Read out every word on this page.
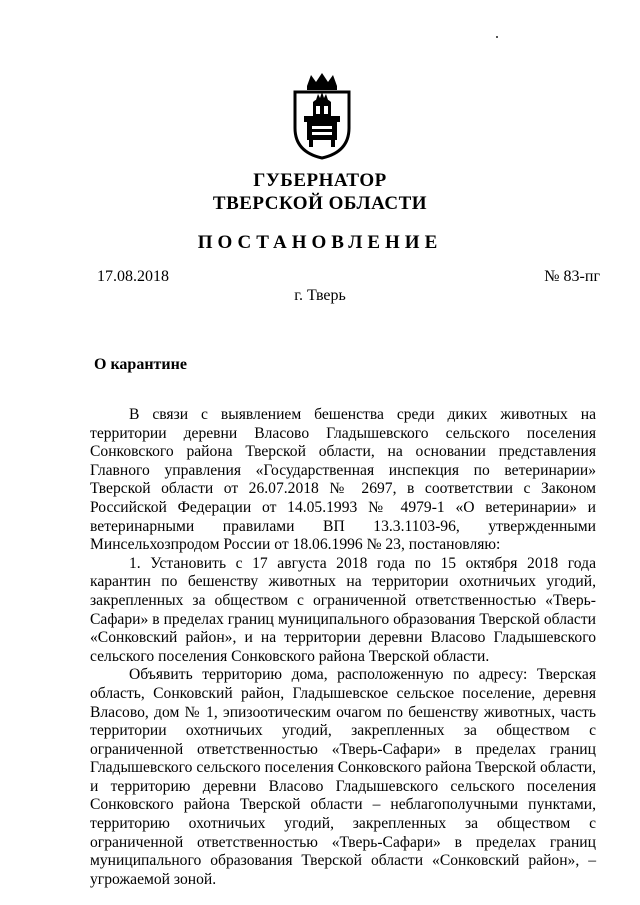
ГУБЕРНАТОР
ТВЕРСКОЙ ОБЛАСТИ
ПОСТАНОВЛЕНИЕ
17.08.2018	№ 83-пг
г. Тверь
О карантине

В связи с выявлением бешенства среди диких животных на территории деревни Власово Гладышевского сельского поселения Сонковского района Тверской области, на основании представления Главного управления «Государственная инспекция по ветеринарии» Тверской области от 26.07.2018 № 2697, в соответствии с Законом Российской Федерации от 14.05.1993 № 4979-1 «О ветеринарии» и ветеринарными правилами ВП 13.3.1103-96, утвержденными Минсельхозпродом России от 18.06.1996 № 23, постановляю:

1. Установить с 17 августа 2018 года по 15 октября 2018 года карантин по бешенству животных на территории охотничьих угодий, закрепленных за обществом с ограниченной ответственностью «Тверь-Сафари» в пределах границ муниципального образования Тверской области «Сонковский район», и на территории деревни Власово Гладышевского сельского поселения Сонковского района Тверской области.

Объявить территорию дома, расположенную по адресу: Тверская область, Сонковский район, Гладышевское сельское поселение, деревня Власово, дом № 1, эпизоотическим очагом по бешенству животных, часть территории охотничьих угодий, закрепленных за обществом с ограниченной ответственностью «Тверь-Сафари» в пределах границ Гладышевского сельского поселения Сонковского района Тверской области, и территорию деревни Власово Гладышевского сельского поселения Сонковского района Тверской области – неблагополучными пунктами, территорию охотничьих угодий, закрепленных за обществом с ограниченной ответственностью «Тверь-Сафари» в пределах границ муниципального образования Тверской области «Сонковский район», – угрожаемой зоной.
